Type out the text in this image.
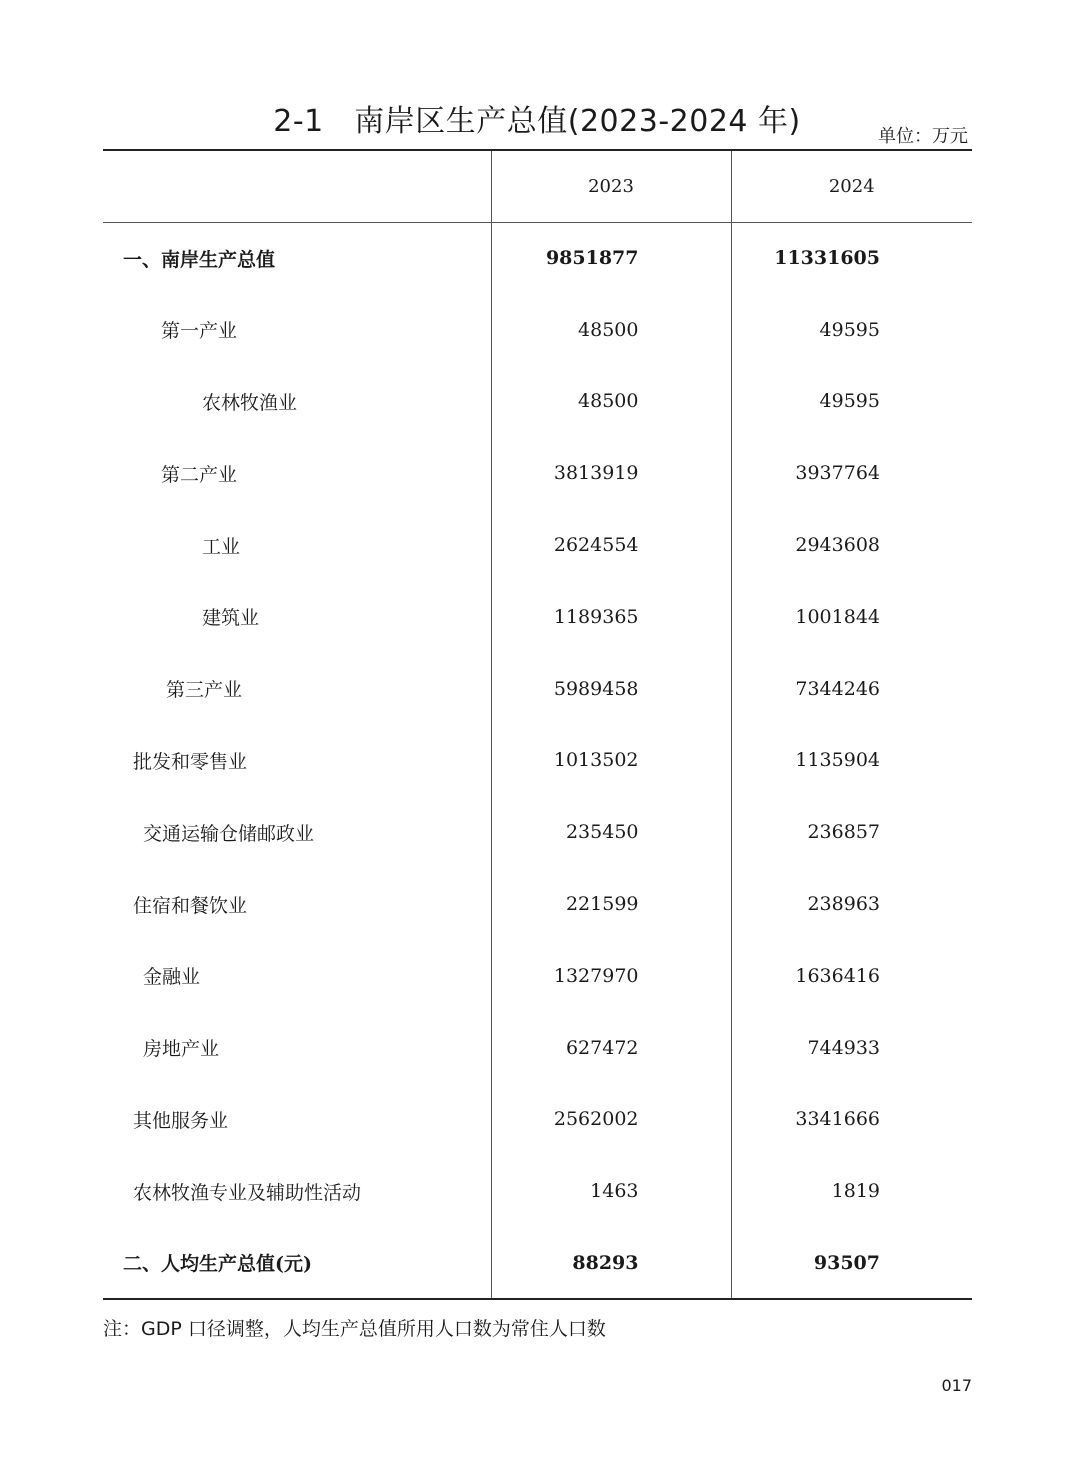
2-1　南岸区生产总值(2023-2024 年)	单位：万元
	2023	2024
一、南岸生产总值	9851877	11331605
第一产业	48500	49595
农林牧渔业	48500	49595
第二产业	3813919	3937764
工业	2624554	2943608
建筑业	1189365	1001844
第三产业	5989458	7344246
批发和零售业	1013502	1135904
交通运输仓储邮政业	235450	236857
住宿和餐饮业	221599	238963
金融业	1327970	1636416
房地产业	627472	744933
其他服务业	2562002	3341666
农林牧渔专业及辅助性活动	1463	1819
二、人均生产总值(元)	88293	93507
注：GDP 口径调整，人均生产总值所用人口数为常住人口数
017
